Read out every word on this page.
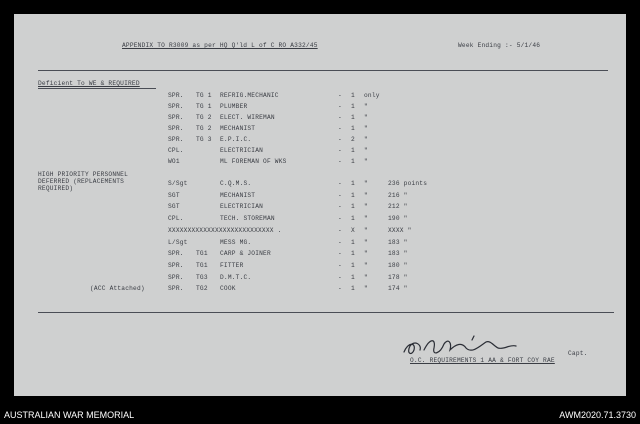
APPENDIX TO R3009 as per HQ Q'ld L of C RO A332/45	Week Ending :- 5/1/46
Deficient To WE & REQUIRED
SPR. TG 1 REFRIG.MECHANIC	- 1 only
SPR. TG 1 PLUMBER	- 1 "
SPR. TG 2 ELECT. WIREMAN	- 1 "
SPR. TG 2 MECHANIST	- 1 "
SPR. TG 3 E.P.I.C.	- 2 "
CPL.	ELECTRICIAN	- 1 "
WO1	ML FOREMAN OF WKS	- 1 "
HIGH PRIORITY PERSONNEL
DEFERRED (REPLACEMENTS
REQUIRED)
S/Sgt	C.Q.M.S.	- 1 "	236 points
SGT	MECHANIST	- 1 "	216 "
SGT	ELECTRICIAN	- 1 "	212 "
CPL.	TECH. STOREMAN	- 1 "	190 "
XXXXXXXXXXXXXXXXXXXXXXXXXXX .	- X "	XXXX "
L/Sgt	MESS MG.	- 1 "	183 "
SPR. TG1 CARP & JOINER	- 1 "	183 "
SPR. TG1 FITTER	- 1 "	180 "
SPR. TG3 D.M.T.C.	- 1 "	178 "
SPR. TG2 COOK	- 1 "	174 "
(ACC Attached)
Capt.
O.C. REQUIREMENTS 1 AA & FORT COY RAE
AUSTRALIAN WAR MEMORIAL	AWM2020.71.3730
